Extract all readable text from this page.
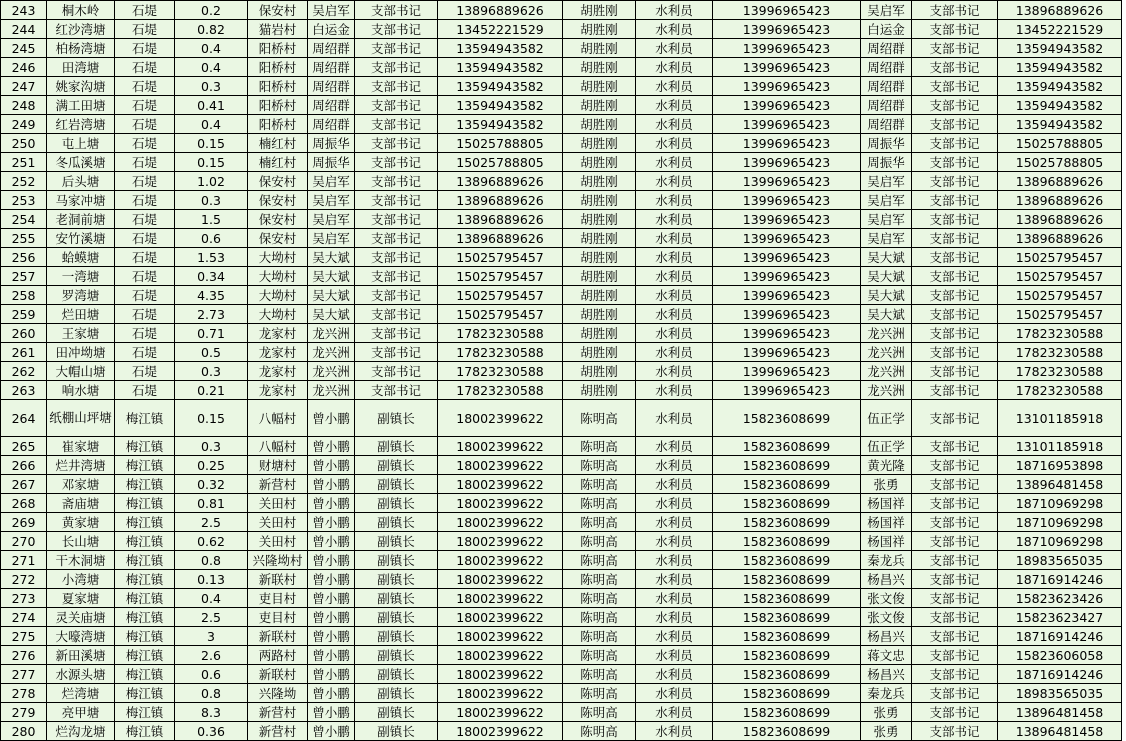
243	桐木岭	石堤	0.2	保安村	吴启军	支部书记	13896889626	胡胜刚	水利员	13996965423	吴启军	支部书记	13896889626
244	红沙湾塘	石堤	0.82	猫岩村	白运金	支部书记	13452221529	胡胜刚	水利员	13996965423	白运金	支部书记	13452221529
245	柏杨湾塘	石堤	0.4	阳桥村	周绍群	支部书记	13594943582	胡胜刚	水利员	13996965423	周绍群	支部书记	13594943582
246	田湾塘	石堤	0.4	阳桥村	周绍群	支部书记	13594943582	胡胜刚	水利员	13996965423	周绍群	支部书记	13594943582
247	姚家沟塘	石堤	0.3	阳桥村	周绍群	支部书记	13594943582	胡胜刚	水利员	13996965423	周绍群	支部书记	13594943582
248	满工田塘	石堤	0.41	阳桥村	周绍群	支部书记	13594943582	胡胜刚	水利员	13996965423	周绍群	支部书记	13594943582
249	红岩湾塘	石堤	0.4	阳桥村	周绍群	支部书记	13594943582	胡胜刚	水利员	13996965423	周绍群	支部书记	13594943582
250	屯上塘	石堤	0.15	楠红村	周振华	支部书记	15025788805	胡胜刚	水利员	13996965423	周振华	支部书记	15025788805
251	冬瓜溪塘	石堤	0.15	楠红村	周振华	支部书记	15025788805	胡胜刚	水利员	13996965423	周振华	支部书记	15025788805
252	后头塘	石堤	1.02	保安村	吴启军	支部书记	13896889626	胡胜刚	水利员	13996965423	吴启军	支部书记	13896889626
253	马家冲塘	石堤	0.3	保安村	吴启军	支部书记	13896889626	胡胜刚	水利员	13996965423	吴启军	支部书记	13896889626
254	老洞前塘	石堤	1.5	保安村	吴启军	支部书记	13896889626	胡胜刚	水利员	13996965423	吴启军	支部书记	13896889626
255	安竹溪塘	石堤	0.6	保安村	吴启军	支部书记	13896889626	胡胜刚	水利员	13996965423	吴启军	支部书记	13896889626
256	蛤蟆塘	石堤	1.53	大坳村	吴大斌	支部书记	15025795457	胡胜刚	水利员	13996965423	吴大斌	支部书记	15025795457
257	一湾塘	石堤	0.34	大坳村	吴大斌	支部书记	15025795457	胡胜刚	水利员	13996965423	吴大斌	支部书记	15025795457
258	罗湾塘	石堤	4.35	大坳村	吴大斌	支部书记	15025795457	胡胜刚	水利员	13996965423	吴大斌	支部书记	15025795457
259	烂田塘	石堤	2.73	大坳村	吴大斌	支部书记	15025795457	胡胜刚	水利员	13996965423	吴大斌	支部书记	15025795457
260	王家塘	石堤	0.71	龙家村	龙兴洲	支部书记	17823230588	胡胜刚	水利员	13996965423	龙兴洲	支部书记	17823230588
261	田冲坳塘	石堤	0.5	龙家村	龙兴洲	支部书记	17823230588	胡胜刚	水利员	13996965423	龙兴洲	支部书记	17823230588
262	大帽山塘	石堤	0.3	龙家村	龙兴洲	支部书记	17823230588	胡胜刚	水利员	13996965423	龙兴洲	支部书记	17823230588
263	响水塘	石堤	0.21	龙家村	龙兴洲	支部书记	17823230588	胡胜刚	水利员	13996965423	龙兴洲	支部书记	17823230588
264	纸棚山坪塘	梅江镇	0.15	八幅村	曾小鹏	副镇长	18002399622	陈明高	水利员	15823608699	伍正学	支部书记	13101185918
265	崔家塘	梅江镇	0.3	八幅村	曾小鹏	副镇长	18002399622	陈明高	水利员	15823608699	伍正学	支部书记	13101185918
266	烂井湾塘	梅江镇	0.25	财塘村	曾小鹏	副镇长	18002399622	陈明高	水利员	15823608699	黄光隆	支部书记	18716953898
267	邓家塘	梅江镇	0.32	新营村	曾小鹏	副镇长	18002399622	陈明高	水利员	15823608699	张勇	支部书记	13896481458
268	斋庙塘	梅江镇	0.81	关田村	曾小鹏	副镇长	18002399622	陈明高	水利员	15823608699	杨国祥	支部书记	18710969298
269	黄家塘	梅江镇	2.5	关田村	曾小鹏	副镇长	18002399622	陈明高	水利员	15823608699	杨国祥	支部书记	18710969298
270	长山塘	梅江镇	0.62	关田村	曾小鹏	副镇长	18002399622	陈明高	水利员	15823608699	杨国祥	支部书记	18710969298
271	干木洞塘	梅江镇	0.8	兴隆坳村	曾小鹏	副镇长	18002399622	陈明高	水利员	15823608699	秦龙兵	支部书记	18983565035
272	小湾塘	梅江镇	0.13	新联村	曾小鹏	副镇长	18002399622	陈明高	水利员	15823608699	杨昌兴	支部书记	18716914246
273	夏家塘	梅江镇	0.4	吏目村	曾小鹏	副镇长	18002399622	陈明高	水利员	15823608699	张文俊	支部书记	15823623426
274	灵关庙塘	梅江镇	2.5	吏目村	曾小鹏	副镇长	18002399622	陈明高	水利员	15823608699	张文俊	支部书记	15823623427
275	大嚎湾塘	梅江镇	3	新联村	曾小鹏	副镇长	18002399622	陈明高	水利员	15823608699	杨昌兴	支部书记	18716914246
276	新田溪塘	梅江镇	2.6	两路村	曾小鹏	副镇长	18002399622	陈明高	水利员	15823608699	蒋文忠	支部书记	15823606058
277	水源头塘	梅江镇	0.6	新联村	曾小鹏	副镇长	18002399622	陈明高	水利员	15823608699	杨昌兴	支部书记	18716914246
278	烂湾塘	梅江镇	0.8	兴隆坳	曾小鹏	副镇长	18002399622	陈明高	水利员	15823608699	秦龙兵	支部书记	18983565035
279	亮甲塘	梅江镇	8.3	新营村	曾小鹏	副镇长	18002399622	陈明高	水利员	15823608699	张勇	支部书记	13896481458
280	烂沟龙塘	梅江镇	0.36	新营村	曾小鹏	副镇长	18002399622	陈明高	水利员	15823608699	张勇	支部书记	13896481458
